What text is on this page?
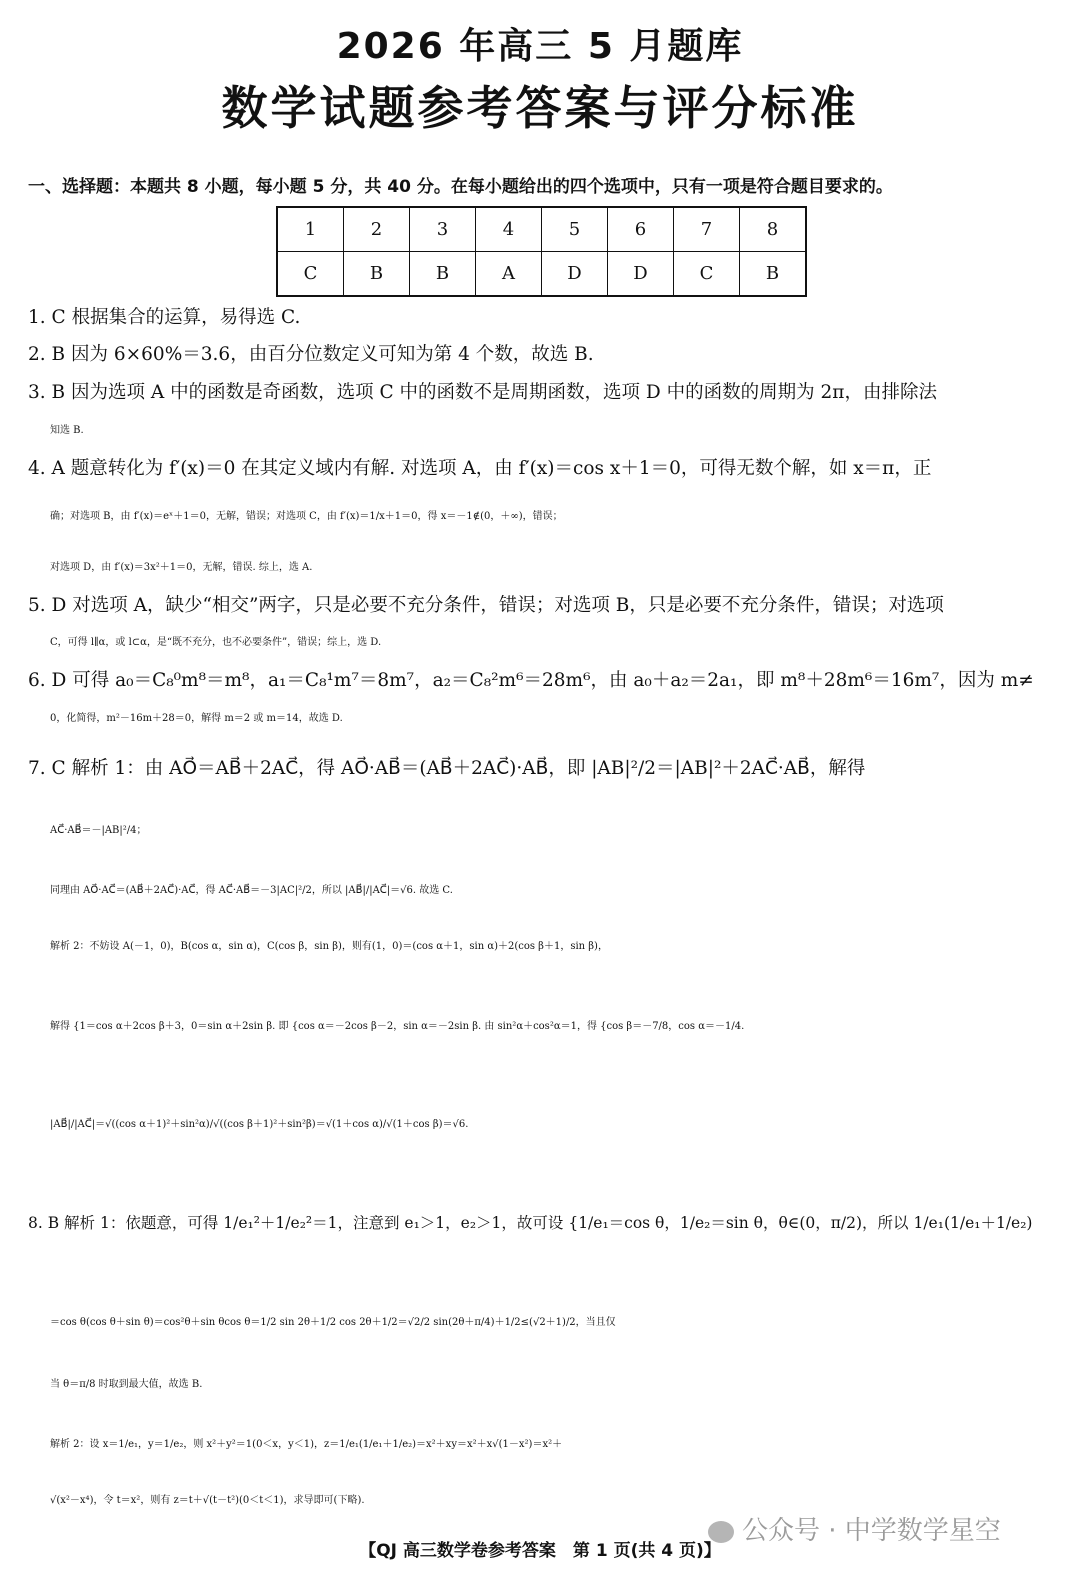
2026 年高三 5 月题库
数学试题参考答案与评分标准
一、选择题：本题共 8 小题，每小题 5 分，共 40 分。在每小题给出的四个选项中，只有一项是符合题目要求的。
1	2	3	4	5	6	7	8
C	B	B	A	D	D	C	B
1. C 根据集合的运算，易得选 C.
2. B 因为 6×60%＝3.6，由百分位数定义可知为第 4 个数，故选 B.
3. B 因为选项 A 中的函数是奇函数，选项 C 中的函数不是周期函数，选项 D 中的函数的周期为 2π，由排除法
知选 B.
4. A 题意转化为 f′(x)＝0 在其定义域内有解. 对选项 A，由 f′(x)＝cos x＋1＝0，可得无数个解，如 x＝π，正
确；对选项 B，由 f′(x)＝eˣ＋1＝0，无解，错误；对选项 C，由 f′(x)＝1/x＋1＝0，得 x＝－1∉(0，＋∞)，错误；
对选项 D，由 f′(x)＝3x²＋1＝0，无解，错误. 综上，选 A.
5. D 对选项 A，缺少“相交”两字，只是必要不充分条件，错误；对选项 B，只是必要不充分条件，错误；对选项
C，可得 l∥α，或 l⊂α，是“既不充分，也不必要条件”，错误；综上，选 D.
6. D 可得 a₀＝C₈⁰m⁸＝m⁸，a₁＝C₈¹m⁷＝8m⁷，a₂＝C₈²m⁶＝28m⁶，由 a₀＋a₂＝2a₁，即 m⁸＋28m⁶＝16m⁷，因为 m≠
0，化简得，m²－16m＋28＝0，解得 m＝2 或 m＝14，故选 D.
7. C 解析 1：由 AO⃗＝AB⃗＋2AC⃗，得 AO⃗·AB⃗＝(AB⃗＋2AC⃗)·AB⃗，即 |AB|²/2＝|AB|²＋2AC⃗·AB⃗，解得
AC⃗·AB⃗＝－|AB|²/4；
同理由 AO⃗·AC⃗＝(AB⃗＋2AC⃗)·AC⃗，得 AC⃗·AB⃗＝－3|AC|²/2，所以 |AB⃗|/|AC⃗|＝√6. 故选 C.
解析 2：不妨设 A(－1，0)，B(cos α，sin α)，C(cos β，sin β)，则有(1，0)＝(cos α＋1，sin α)＋2(cos β＋1，sin β)，
解得 {1＝cos α＋2cos β＋3，0＝sin α＋2sin β. 即 {cos α＝－2cos β－2，sin α＝－2sin β. 由 sin²α＋cos²α＝1，得 {cos β＝－7/8，cos α＝－1/4.
|AB⃗|/|AC⃗|＝√((cos α＋1)²＋sin²α)/√((cos β＋1)²＋sin²β)＝√(1＋cos α)/√(1＋cos β)＝√6.
8. B 解析 1：依题意，可得 1/e₁²＋1/e₂²＝1，注意到 e₁＞1，e₂＞1，故可设 {1/e₁＝cos θ，1/e₂＝sin θ，θ∈(0，π/2)，所以 1/e₁(1/e₁＋1/e₂)
＝cos θ(cos θ＋sin θ)＝cos²θ＋sin θcos θ＝1/2 sin 2θ＋1/2 cos 2θ＋1/2＝√2/2 sin(2θ＋π/4)＋1/2≤(√2＋1)/2，当且仅
当 θ＝π/8 时取到最大值，故选 B.
解析 2：设 x＝1/e₁，y＝1/e₂，则 x²＋y²＝1(0＜x，y＜1)，z＝1/e₁(1/e₁＋1/e₂)＝x²＋xy＝x²＋x√(1－x²)＝x²＋
√(x²－x⁴)，令 t＝x²，则有 z＝t＋√(t－t²)(0＜t＜1)，求导即可(下略).
公众号 · 中学数学星空
【QJ 高三数学卷参考答案　第 1 页(共 4 页)】
